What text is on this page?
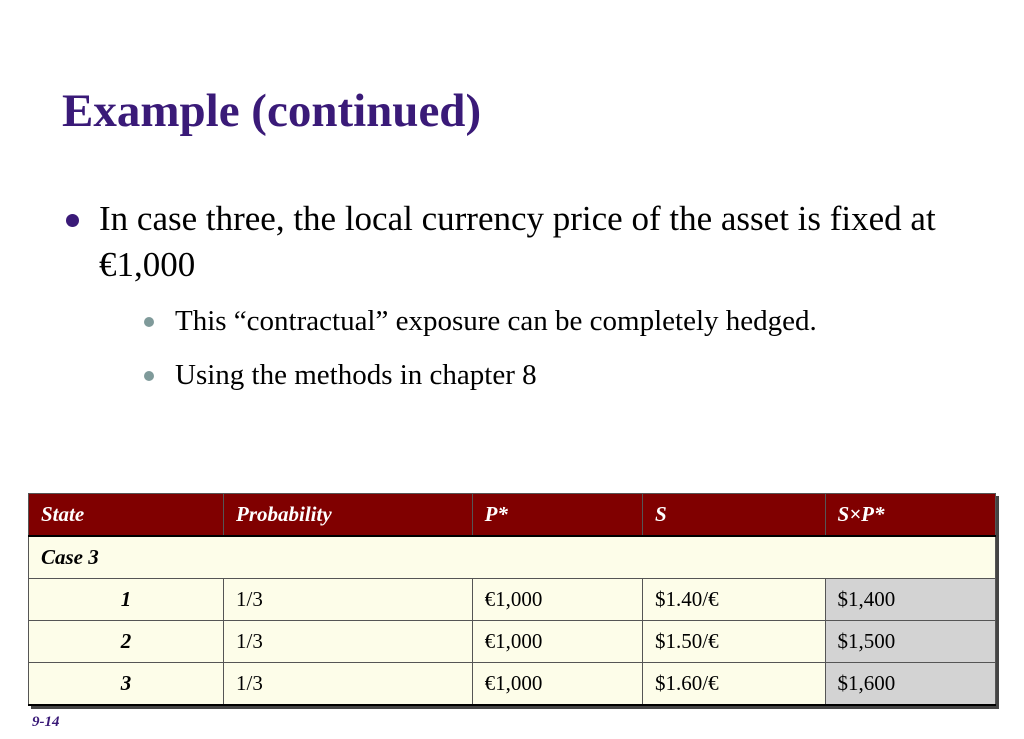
Example (continued)
In case three, the local currency price of the asset is fixed at €1,000
This “contractual” exposure can be completely hedged.
Using the methods in chapter 8
State	Probability	P*	S	S×P*
Case 3				
1	1/3	€1,000	$1.40/€	$1,400
2	1/3	€1,000	$1.50/€	$1,500
3	1/3	€1,000	$1.60/€	$1,600
9-14
